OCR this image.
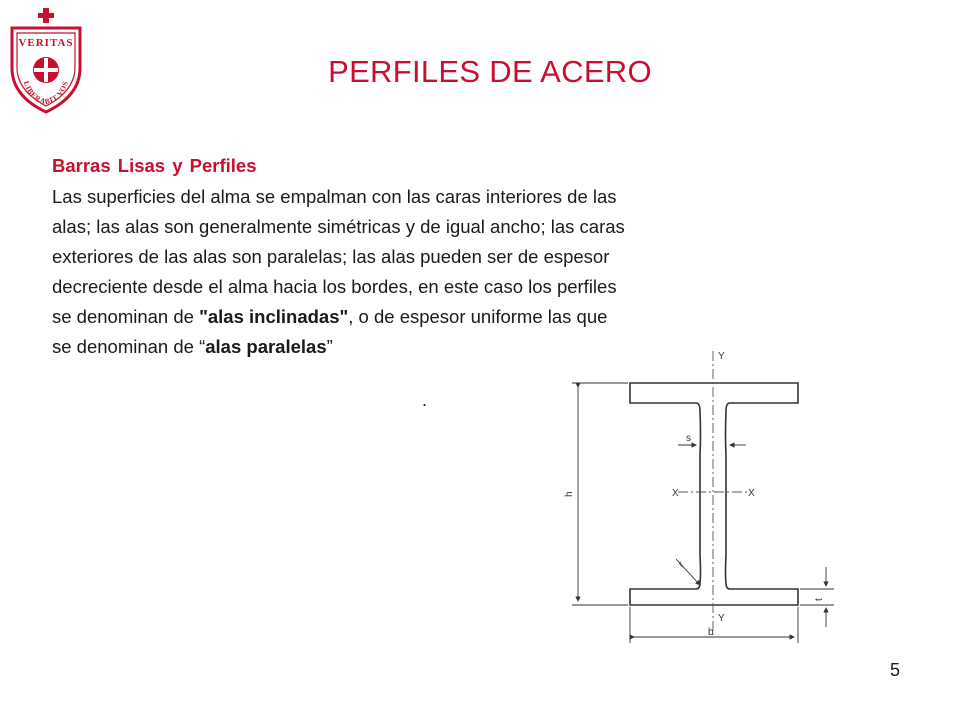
VERITAS
LIBERABIT VOS	PERFILES DE ACERO
Barras Lisas y Perfiles
Las superficies del alma se empalman con las caras interiores de las
alas; las alas son generalmente simétricas y de igual ancho; las caras
exteriores de las alas son paralelas; las alas pueden ser de espesor
decreciente desde el alma hacia los bordes, en este caso los perfiles
se denominan de "alas inclinadas", o de espesor uniforme las que
se denominan de “alas paralelas”
.
Y
Y
X	X
s
h
r
t
b
5
